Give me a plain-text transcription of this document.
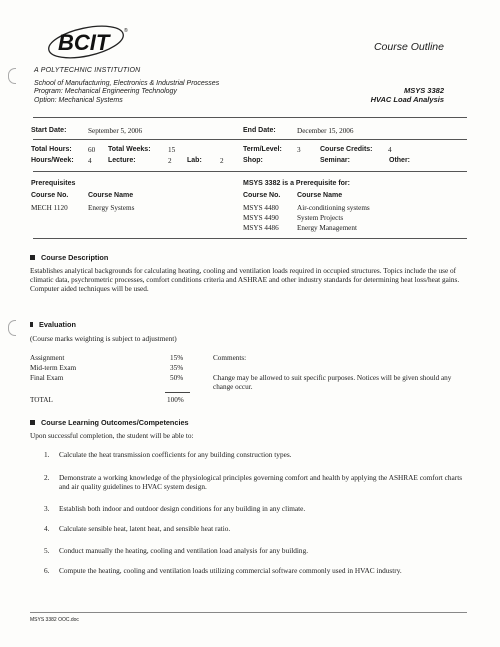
BCIT	®
Course Outline
A POLYTECHNIC INSTITUTION
School of Manufacturing, Electronics & Industrial Processes
Program: Mechanical Engineering Technology
Option: Mechanical Systems
MSYS 3382
HVAC Load Analysis
Start Date:	September 5, 2006	End Date:	December 15, 2006
Total Hours: 60 Total Weeks: 15	Term/Level: 3	Course Credits: 4
Hours/Week: 4 Lecture:	2 Lab:	2	Shop:	Seminar:	Other:
Prerequisites	MSYS 3382 is a Prerequisite for:
Course No.	Course Name	Course No. Course Name
MECH 1120	Energy Systems	MSYS 4480	Air-conditioning systems
MSYS 4490	System Projects
MSYS 4486	Energy Management
Course Description
Establishes analytical backgrounds for calculating heating, cooling and ventilation loads required in occupied structures. Topics include the use of climatic data, psychrometric processes, comfort conditions criteria and ASHRAE and other industry standards for determining heat loss/heat gains. Computer aided techniques will be used.
Evaluation
(Course marks weighting is subject to adjustment)
Assignment	15%
Mid-term Exam	35%
Final Exam	50%
TOTAL	100%
Comments:
Change may be allowed to suit specific purposes. Notices will be given should any change occur.
Course Learning Outcomes/Competencies
Upon successful completion, the student will be able to:
1. Calculate the heat transmission coefficients for any building construction types.
2. Demonstrate a working knowledge of the physiological principles governing comfort and health by applying the ASHRAE comfort charts and air quality guidelines to HVAC system design.
3. Establish both indoor and outdoor design conditions for any building in any climate.
4. Calculate sensible heat, latent heat, and sensible heat ratio.
5. Conduct manually the heating, cooling and ventilation load analysis for any building.
6. Compute the heating, cooling and ventilation loads utilizing commercial software commonly used in HVAC industry.
MSYS 3382 OOC.doc
